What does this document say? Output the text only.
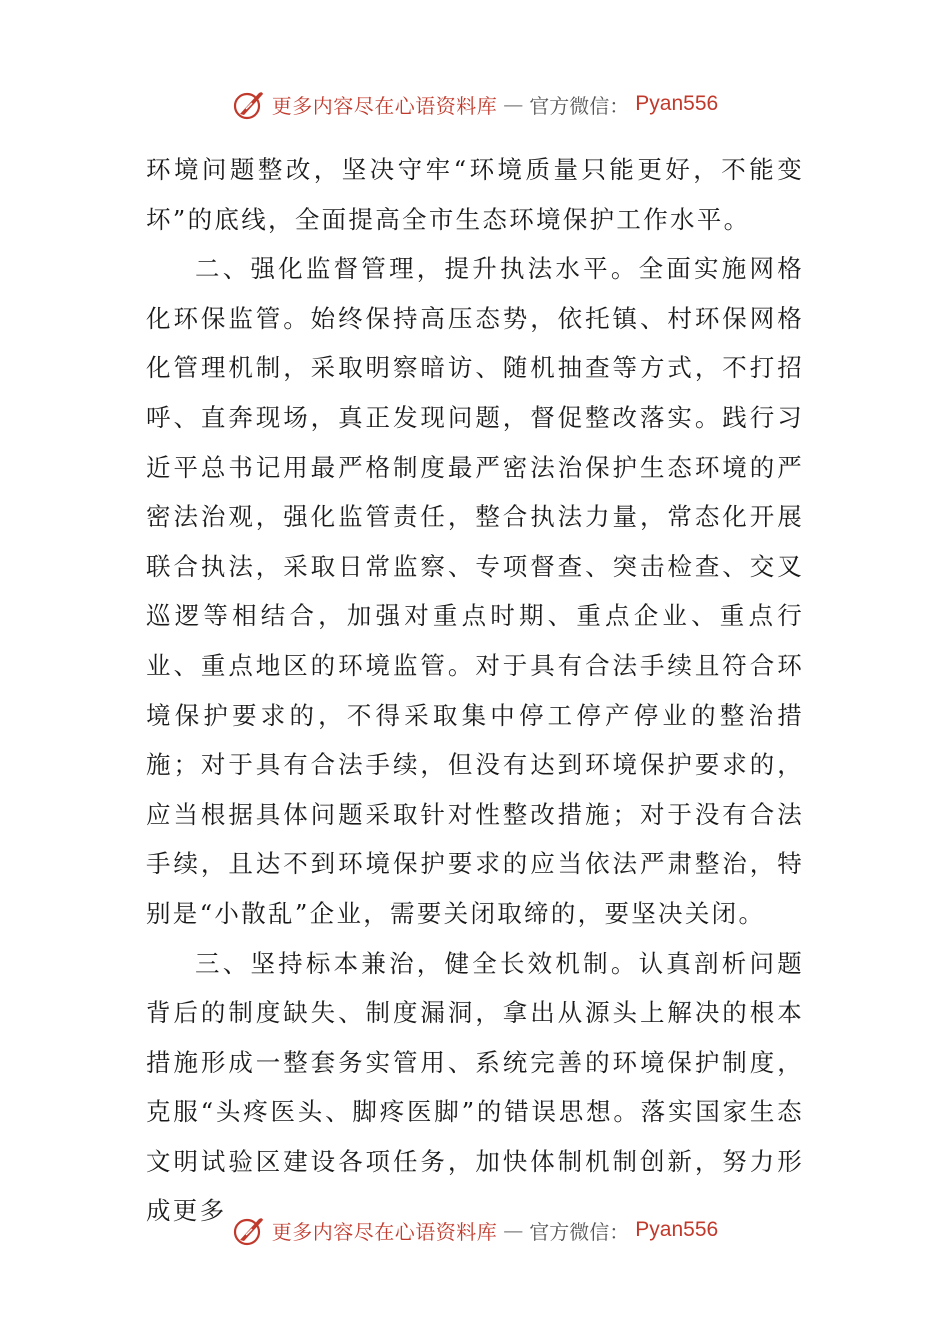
更多内容尽在心语资料库 — 官方微信： Pyan556

环境问题整改，坚决守牢“环境质量只能更好，不能变坏”的底线，全面提高全市生态环境保护工作水平。

二、强化监督管理，提升执法水平。全面实施网格化环保监管。始终保持高压态势，依托镇、村环保网格化管理机制，采取明察暗访、随机抽查等方式，不打招呼、直奔现场，真正发现问题，督促整改落实。践行习近平总书记用最严格制度最严密法治保护生态环境的严密法治观，强化监管责任，整合执法力量，常态化开展联合执法，采取日常监察、专项督查、突击检查、交叉巡逻等相结合，加强对重点时期、重点企业、重点行业、重点地区的环境监管。对于具有合法手续且符合环境保护要求的，不得采取集中停工停产停业的整治措施；对于具有合法手续，但没有达到环境保护要求的，应当根据具体问题采取针对性整改措施；对于没有合法手续，且达不到环境保护要求的应当依法严肃整治，特别是“小散乱”企业，需要关闭取缔的，要坚决关闭。

三、坚持标本兼治，健全长效机制。认真剖析问题背后的制度缺失、制度漏洞，拿出从源头上解决的根本措施形成一整套务实管用、系统完善的环境保护制度，克服“头疼医头、脚疼医脚”的错误思想。落实国家生态文明试验区建设各项任务，加快体制机制创新，努力形成更多

更多内容尽在心语资料库 — 官方微信： Pyan556
